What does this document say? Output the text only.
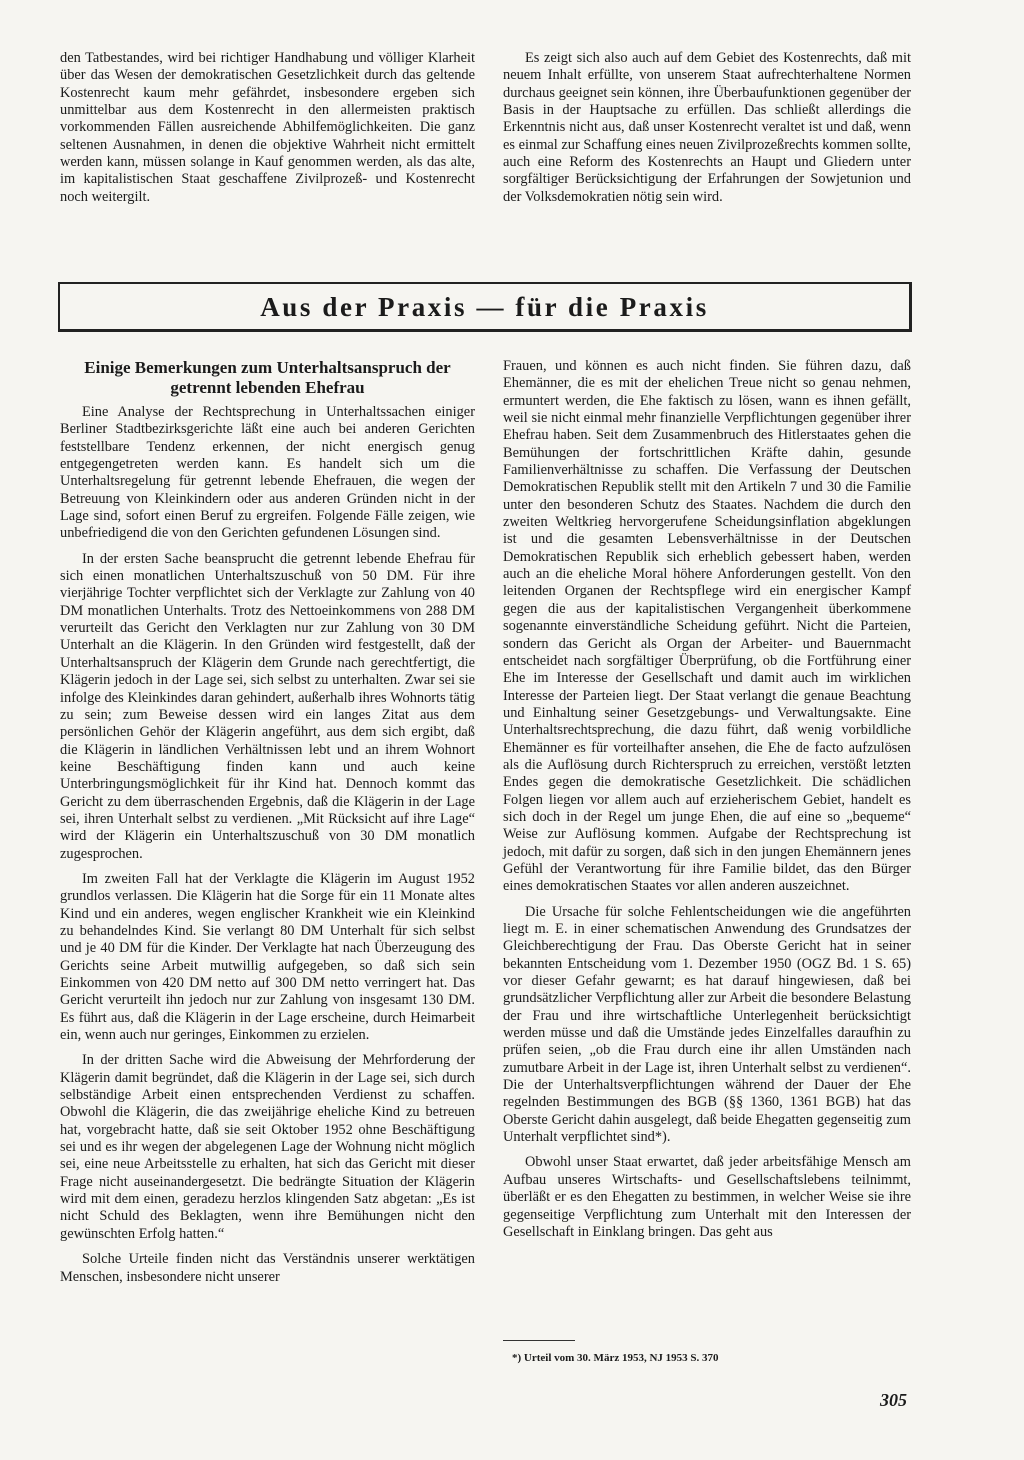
den Tatbestandes, wird bei richtiger Handhabung und völliger Klarheit über das Wesen der demokratischen Gesetzlichkeit durch das geltende Kostenrecht kaum mehr gefährdet, insbesondere ergeben sich unmittelbar aus dem Kostenrecht in den allermeisten praktisch vorkommenden Fällen ausreichende Abhilfemöglichkeiten. Die ganz seltenen Ausnahmen, in denen die objektive Wahrheit nicht ermittelt werden kann, müssen solange in Kauf genommen werden, als das alte, im kapitalistischen Staat geschaffene Zivilprozeß- und Kostenrecht noch weitergilt.

Es zeigt sich also auch auf dem Gebiet des Kostenrechts, daß mit neuem Inhalt erfüllte, von unserem Staat aufrechterhaltene Normen durchaus geeignet sein können, ihre Überbaufunktionen gegenüber der Basis in der Hauptsache zu erfüllen. Das schließt allerdings die Erkenntnis nicht aus, daß unser Kostenrecht veraltet ist und daß, wenn es einmal zur Schaffung eines neuen Zivilprozeßrechts kommen sollte, auch eine Reform des Kostenrechts an Haupt und Gliedern unter sorgfältiger Berücksichtigung der Erfahrungen der Sowjetunion und der Volksdemokratien nötig sein wird.

Aus der Praxis — für die Praxis
Einige Bemerkungen zum Unterhaltsanspruch der getrennt lebenden Ehefrau

Eine Analyse der Rechtsprechung in Unterhaltssachen einiger Berliner Stadtbezirksgerichte läßt eine auch bei anderen Gerichten feststellbare Tendenz erkennen, der nicht energisch genug entgegengetreten werden kann. Es handelt sich um die Unterhaltsregelung für getrennt lebende Ehefrauen, die wegen der Betreuung von Kleinkindern oder aus anderen Gründen nicht in der Lage sind, sofort einen Beruf zu ergreifen. Folgende Fälle zeigen, wie unbefriedigend die von den Gerichten gefundenen Lösungen sind.

In der ersten Sache beansprucht die getrennt lebende Ehefrau für sich einen monatlichen Unterhaltszuschuß von 50 DM. Für ihre vierjährige Tochter verpflichtet sich der Verklagte zur Zahlung von 40 DM monatlichen Unterhalts. Trotz des Nettoeinkommens von 288 DM verurteilt das Gericht den Verklagten nur zur Zahlung von 30 DM Unterhalt an die Klägerin. In den Gründen wird festgestellt, daß der Unterhaltsanspruch der Klägerin dem Grunde nach gerechtfertigt, die Klägerin jedoch in der Lage sei, sich selbst zu unterhalten. Zwar sei sie infolge des Kleinkindes daran gehindert, außerhalb ihres Wohnorts tätig zu sein; zum Beweise dessen wird ein langes Zitat aus dem persönlichen Gehör der Klägerin angeführt, aus dem sich ergibt, daß die Klägerin in ländlichen Verhältnissen lebt und an ihrem Wohnort keine Beschäftigung finden kann und auch keine Unterbringungsmöglichkeit für ihr Kind hat. Dennoch kommt das Gericht zu dem überraschenden Ergebnis, daß die Klägerin in der Lage sei, ihren Unterhalt selbst zu verdienen. „Mit Rücksicht auf ihre Lage“ wird der Klägerin ein Unterhaltszuschuß von 30 DM monatlich zugesprochen.

Im zweiten Fall hat der Verklagte die Klägerin im August 1952 grundlos verlassen. Die Klägerin hat die Sorge für ein 11 Monate altes Kind und ein anderes, wegen englischer Krankheit wie ein Kleinkind zu behandelndes Kind. Sie verlangt 80 DM Unterhalt für sich selbst und je 40 DM für die Kinder. Der Verklagte hat nach Überzeugung des Gerichts seine Arbeit mutwillig aufgegeben, so daß sich sein Einkommen von 420 DM netto auf 300 DM netto verringert hat. Das Gericht verurteilt ihn jedoch nur zur Zahlung von insgesamt 130 DM. Es führt aus, daß die Klägerin in der Lage erscheine, durch Heimarbeit ein, wenn auch nur geringes, Einkommen zu erzielen.

In der dritten Sache wird die Abweisung der Mehrforderung der Klägerin damit begründet, daß die Klägerin in der Lage sei, sich durch selbständige Arbeit einen entsprechenden Verdienst zu schaffen. Obwohl die Klägerin, die das zweijährige eheliche Kind zu betreuen hat, vorgebracht hatte, daß sie seit Oktober 1952 ohne Beschäftigung sei und es ihr wegen der abgelegenen Lage der Wohnung nicht möglich sei, eine neue Arbeitsstelle zu erhalten, hat sich das Gericht mit dieser Frage nicht auseinandergesetzt. Die bedrängte Situation der Klägerin wird mit dem einen, geradezu herzlos klingenden Satz abgetan: „Es ist nicht Schuld des Beklagten, wenn ihre Bemühungen nicht den gewünschten Erfolg hatten.“

Solche Urteile finden nicht das Verständnis unserer werktätigen Menschen, insbesondere nicht unserer

Frauen, und können es auch nicht finden. Sie führen dazu, daß Ehemänner, die es mit der ehelichen Treue nicht so genau nehmen, ermuntert werden, die Ehe faktisch zu lösen, wann es ihnen gefällt, weil sie nicht einmal mehr finanzielle Verpflichtungen gegenüber ihrer Ehefrau haben. Seit dem Zusammenbruch des Hitlerstaates gehen die Bemühungen der fortschrittlichen Kräfte dahin, gesunde Familienverhältnisse zu schaffen. Die Verfassung der Deutschen Demokratischen Republik stellt mit den Artikeln 7 und 30 die Familie unter den besonderen Schutz des Staates. Nachdem die durch den zweiten Weltkrieg hervorgerufene Scheidungsinflation abgeklungen ist und die gesamten Lebensverhältnisse in der Deutschen Demokratischen Republik sich erheblich gebessert haben, werden auch an die eheliche Moral höhere Anforderungen gestellt. Von den leitenden Organen der Rechtspflege wird ein energischer Kampf gegen die aus der kapitalistischen Vergangenheit überkommene sogenannte einverständliche Scheidung geführt. Nicht die Parteien, sondern das Gericht als Organ der Arbeiter- und Bauernmacht entscheidet nach sorgfältiger Überprüfung, ob die Fortführung einer Ehe im Interesse der Gesellschaft und damit auch im wirklichen Interesse der Parteien liegt. Der Staat verlangt die genaue Beachtung und Einhaltung seiner Gesetzgebungs- und Verwaltungsakte. Eine Unterhaltsrechtsprechung, die dazu führt, daß wenig vorbildliche Ehemänner es für vorteilhafter ansehen, die Ehe de facto aufzulösen als die Auflösung durch Richterspruch zu erreichen, verstößt letzten Endes gegen die demokratische Gesetzlichkeit. Die schädlichen Folgen liegen vor allem auch auf erzieherischem Gebiet, handelt es sich doch in der Regel um junge Ehen, die auf eine so „bequeme“ Weise zur Auflösung kommen. Aufgabe der Rechtsprechung ist jedoch, mit dafür zu sorgen, daß sich in den jungen Ehemännern jenes Gefühl der Verantwortung für ihre Familie bildet, das den Bürger eines demokratischen Staates vor allen anderen auszeichnet.

Die Ursache für solche Fehlentscheidungen wie die angeführten liegt m. E. in einer schematischen Anwendung des Grundsatzes der Gleichberechtigung der Frau. Das Oberste Gericht hat in seiner bekannten Entscheidung vom 1. Dezember 1950 (OGZ Bd. 1 S. 65) vor dieser Gefahr gewarnt; es hat darauf hingewiesen, daß bei grundsätzlicher Verpflichtung aller zur Arbeit die besondere Belastung der Frau und ihre wirtschaftliche Unterlegenheit berücksichtigt werden müsse und daß die Umstände jedes Einzelfalles daraufhin zu prüfen seien, „ob die Frau durch eine ihr allen Umständen nach zumutbare Arbeit in der Lage ist, ihren Unterhalt selbst zu verdienen“. Die der Unterhaltsverpflichtungen während der Dauer der Ehe regelnden Bestimmungen des BGB (§§ 1360, 1361 BGB) hat das Oberste Gericht dahin ausgelegt, daß beide Ehegatten gegenseitig zum Unterhalt verpflichtet sind*).

Obwohl unser Staat erwartet, daß jeder arbeitsfähige Mensch am Aufbau unseres Wirtschafts- und Gesellschaftslebens teilnimmt, überläßt er es den Ehegatten zu bestimmen, in welcher Weise sie ihre gegenseitige Verpflichtung zum Unterhalt mit den Interessen der Gesellschaft in Einklang bringen. Das geht aus

*) Urteil vom 30. März 1953, NJ 1953 S. 370
305
